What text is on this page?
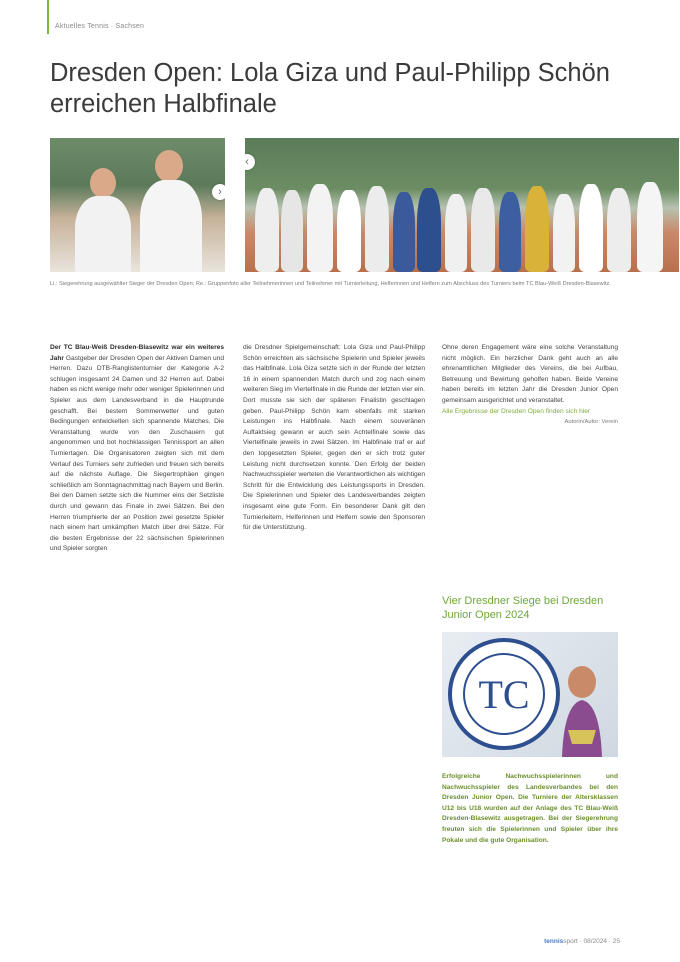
Aktuelles Tennis · Sachsen
Dresden Open: Lola Giza und Paul-Philipp Schön erreichen Halbfinale
›
‹
Li.: Siegerehrung ausgewählter Sieger der Dresden Open; Re.: Gruppenfoto aller Teilnehmerinnen und Teilnehmer mit Turnierleitung, Helferinnen und Helfern zum Abschluss des Turniers beim TC Blau-Weiß Dresden-Blasewitz.

Der TC Blau-Weiß Dresden-Blasewitz war ein weiteres Jahr Gastgeber der Dresden Open der Aktiven Damen und Herren. Dazu DTB-Ranglistenturnier der Kategorie A-2 schlugen insgesamt 24 Damen und 32 Herren auf. Dabei haben es nicht wenige mehr oder weniger Spielerinnen und Spieler aus dem Landesverband in die Hauptrunde geschafft. Bei bestem Sommerwetter und guten Bedingungen entwickelten sich spannende Matches. Die Veranstaltung wurde von den Zuschauern gut angenommen und bot hochklassigen Tennissport an allen Turniertagen. Die Organisatoren zeigten sich mit dem Verlauf des Turniers sehr zufrieden und freuen sich bereits auf die nächste Auflage. Die Siegertrophäen gingen schließlich am Sonntagnachmittag nach Bayern und Berlin. Bei den Damen setzte sich die Nummer eins der Setzliste durch und gewann das Finale in zwei Sätzen. Bei den Herren triumphierte der an Position zwei gesetzte Spieler nach einem hart umkämpften Match über drei Sätze. Für die besten Ergebnisse der 22 sächsischen Spielerinnen und Spieler sorgten

die Dresdner Spielgemeinschaft: Lola Giza und Paul-Philipp Schön erreichten als sächsische Spielerin und Spieler jeweils das Halbfinale. Lola Giza setzte sich in der Runde der letzten 16 in einem spannenden Match durch und zog nach einem weiteren Sieg im Viertelfinale in die Runde der letzten vier ein. Dort musste sie sich der späteren Finalistin geschlagen geben. Paul-Philipp Schön kam ebenfalls mit starken Leistungen ins Halbfinale. Nach einem souveränen Auftaktsieg gewann er auch sein Achtelfinale sowie das Viertelfinale jeweils in zwei Sätzen. Im Halbfinale traf er auf den topgesetzten Spieler, gegen den er sich trotz guter Leistung nicht durchsetzen konnte. Den Erfolg der beiden Nachwuchsspieler werteten die Verantwortlichen als wichtigen Schritt für die Entwicklung des Leistungssports in Dresden. Die Spielerinnen und Spieler des Landesverbandes zeigten insgesamt eine gute Form. Ein besonderer Dank gilt den Turnierleitern, Helferinnen und Helfern sowie den Sponsoren für die Unterstützung.

Ohne deren Engagement wäre eine solche Veranstaltung nicht möglich. Ein herzlicher Dank geht auch an alle ehrenamtlichen Mitglieder des Vereins, die bei Aufbau, Betreuung und Bewirtung geholfen haben. Beide Vereine haben bereits im letzten Jahr die Dresden Junior Open gemeinsam ausgerichtet und veranstaltet.

Alle Ergebnisse der Dresden Open finden sich hier

Autorin/Autor: Verein

Vier Dresdner Siege bei Dresden Junior Open 2024
TC
Erfolgreiche Nachwuchsspielerinnen und Nachwuchsspieler des Landesverbandes bei den Dresden Junior Open. Die Turniere der Altersklassen U12 bis U18 wurden auf der Anlage des TC Blau-Weiß Dresden-Blasewitz ausgetragen. Bei der Siegerehrung freuten sich die Spielerinnen und Spieler über ihre Pokale und die gute Organisation.
tennissport · 08/2024 · 25
